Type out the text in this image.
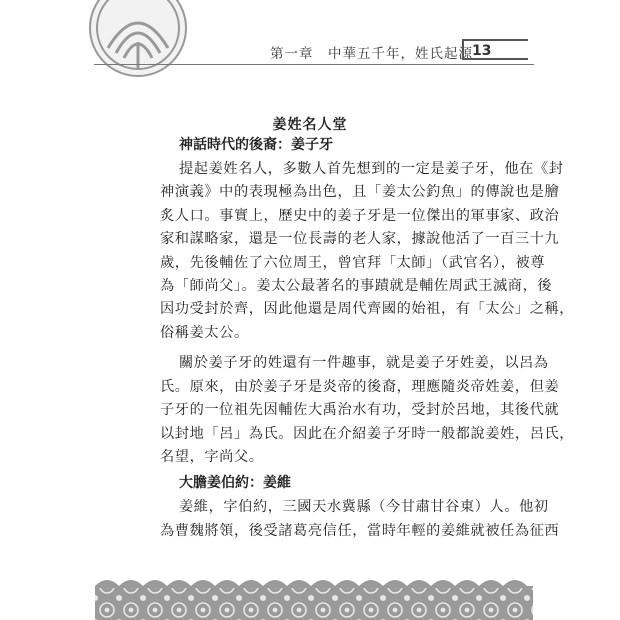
第一章　中華五千年，姓氏起源 13
姜姓名人堂
神話時代的後裔：姜子牙
提起姜姓名人，多數人首先想到的一定是姜子牙，他在《封
神演義》中的表現極為出色，且「姜太公釣魚」的傳說也是膾
炙人口。事實上，歷史中的姜子牙是一位傑出的軍事家、政治
家和謀略家，還是一位長壽的老人家，據說他活了一百三十九
歲，先後輔佐了六位周王，曾官拜「太師」（武官名），被尊
為「師尚父」。姜太公最著名的事蹟就是輔佐周武王滅商，後
因功受封於齊，因此他還是周代齊國的始祖，有「太公」之稱，
俗稱姜太公。
關於姜子牙的姓還有一件趣事，就是姜子牙姓姜，以呂為
氏。原來，由於姜子牙是炎帝的後裔，理應隨炎帝姓姜，但姜
子牙的一位祖先因輔佐大禹治水有功，受封於呂地，其後代就
以封地「呂」為氏。因此在介紹姜子牙時一般都說姜姓，呂氏，
名望，字尚父。
大膽姜伯約：姜維
姜維，字伯約，三國天水冀縣（今甘肅甘谷東）人。他初
為曹魏將領，後受諸葛亮信任，當時年輕的姜維就被任為征西
